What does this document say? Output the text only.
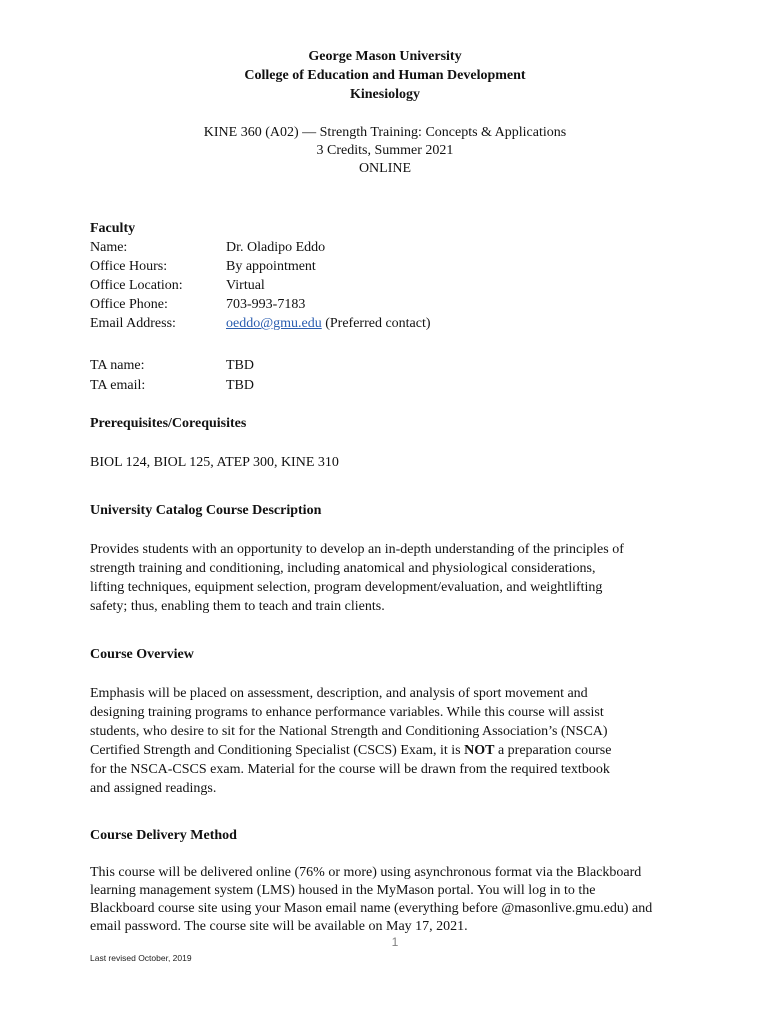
George Mason University
College of Education and Human Development
Kinesiology
KINE 360 (A02) — Strength Training: Concepts & Applications
3 Credits, Summer 2021
ONLINE
Faculty
Name:	Dr. Oladipo Eddo
Office Hours:	By appointment
Office Location:	Virtual
Office Phone:	703-993-7183
Email Address:	oeddo@gmu.edu (Preferred contact)
TA name:	TBD
TA email:	TBD
Prerequisites/Corequisites
BIOL 124, BIOL 125, ATEP 300, KINE 310
University Catalog Course Description
Provides students with an opportunity to develop an in-depth understanding of the principles of
strength training and conditioning, including anatomical and physiological considerations,
lifting techniques, equipment selection, program development/evaluation, and weightlifting
safety; thus, enabling them to teach and train clients.
Course Overview
Emphasis will be placed on assessment, description, and analysis of sport movement and
designing training programs to enhance performance variables. While this course will assist
students, who desire to sit for the National Strength and Conditioning Association’s (NSCA)
Certified Strength and Conditioning Specialist (CSCS) Exam, it is NOT a preparation course
for the NSCA-CSCS exam. Material for the course will be drawn from the required textbook
and assigned readings.
Course Delivery Method
This course will be delivered online (76% or more) using asynchronous format via the Blackboard
learning management system (LMS) housed in the MyMason portal. You will log in to the
Blackboard course site using your Mason email name (everything before @masonlive.gmu.edu) and
email password. The course site will be available on May 17, 2021.
1
Last revised October, 2019
